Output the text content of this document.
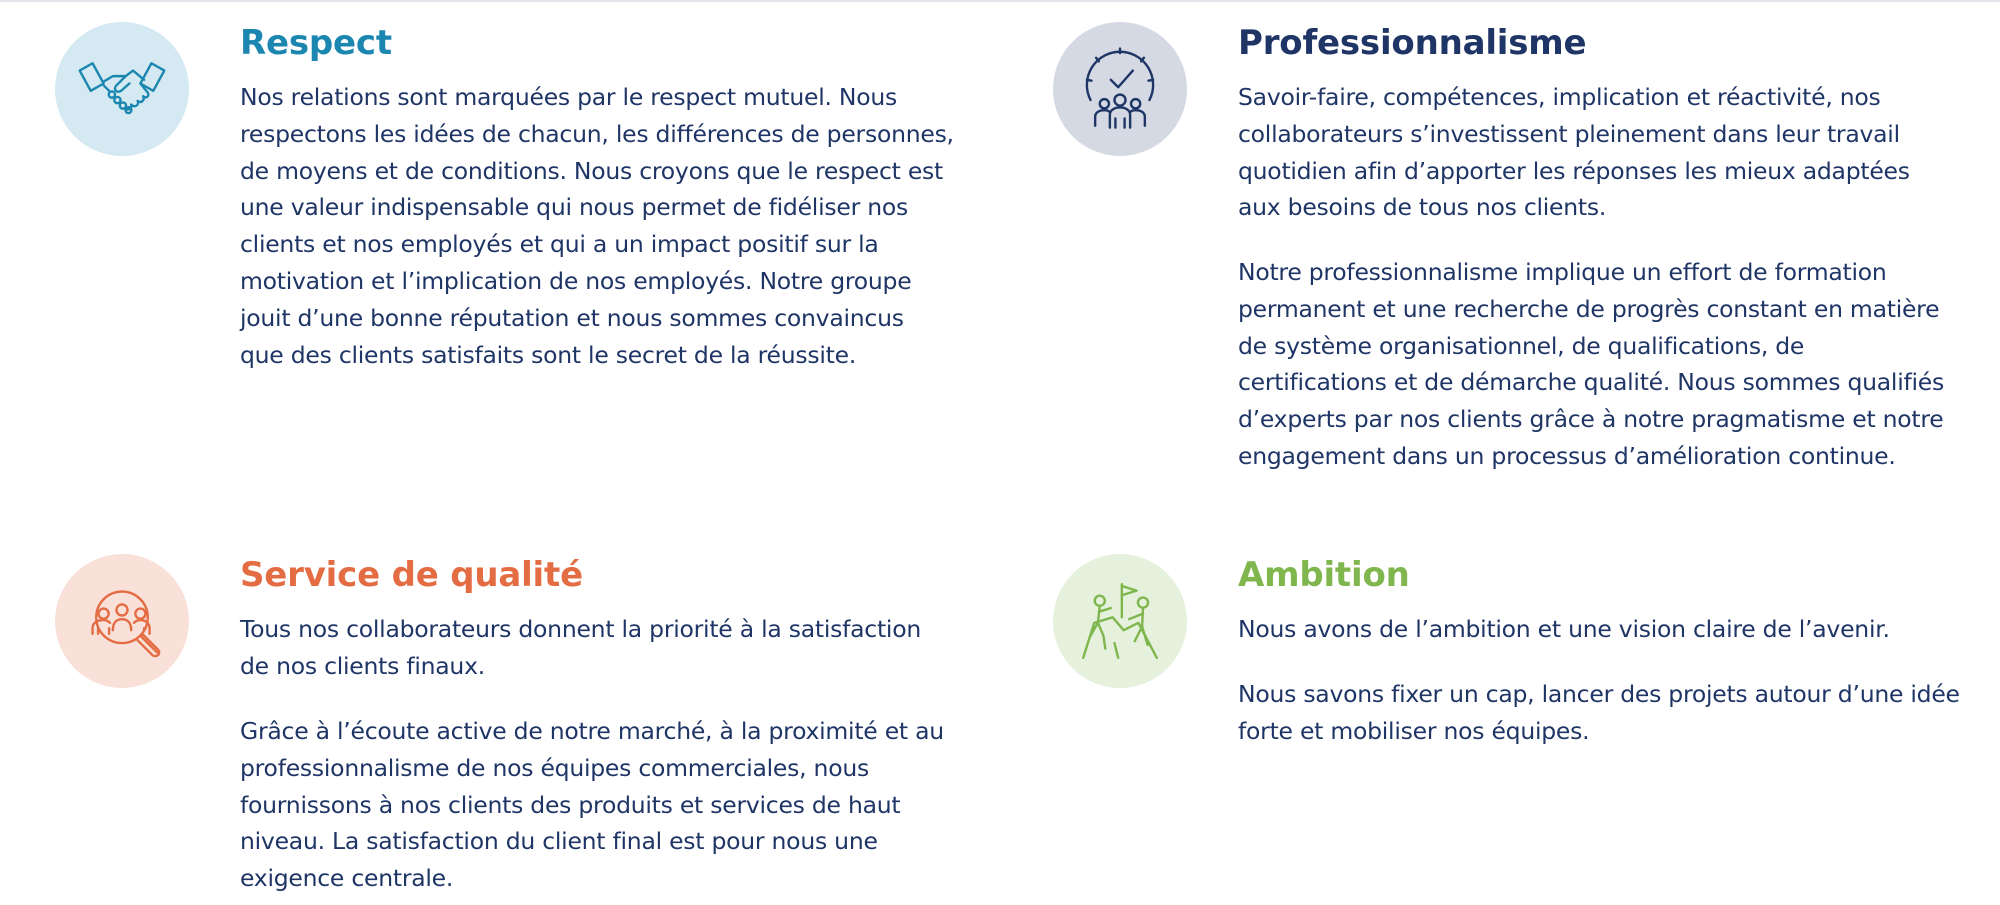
Respect

Nos relations sont marquées par le respect mutuel. Nous
respectons les idées de chacun, les différences de personnes,
de moyens et de conditions. Nous croyons que le respect est
une valeur indispensable qui nous permet de fidéliser nos
clients et nos employés et qui a un impact positif sur la
motivation et l’implication de nos employés. Notre groupe
jouit d’une bonne réputation et nous sommes convaincus
que des clients satisfaits sont le secret de la réussite.

Professionnalisme

Savoir-faire, compétences, implication et réactivité, nos
collaborateurs s’investissent pleinement dans leur travail
quotidien afin d’apporter les réponses les mieux adaptées
aux besoins de tous nos clients.

Notre professionnalisme implique un effort de formation
permanent et une recherche de progrès constant en matière
de système organisationnel, de qualifications, de
certifications et de démarche qualité. Nous sommes qualifiés
d’experts par nos clients grâce à notre pragmatisme et notre
engagement dans un processus d’amélioration continue.

Service de qualité

Tous nos collaborateurs donnent la priorité à la satisfaction
de nos clients finaux.

Grâce à l’écoute active de notre marché, à la proximité et au
professionnalisme de nos équipes commerciales, nous
fournissons à nos clients des produits et services de haut
niveau. La satisfaction du client final est pour nous une
exigence centrale.

Ambition

Nous avons de l’ambition et une vision claire de l’avenir.

Nous savons fixer un cap, lancer des projets autour d’une idée
forte et mobiliser nos équipes.
